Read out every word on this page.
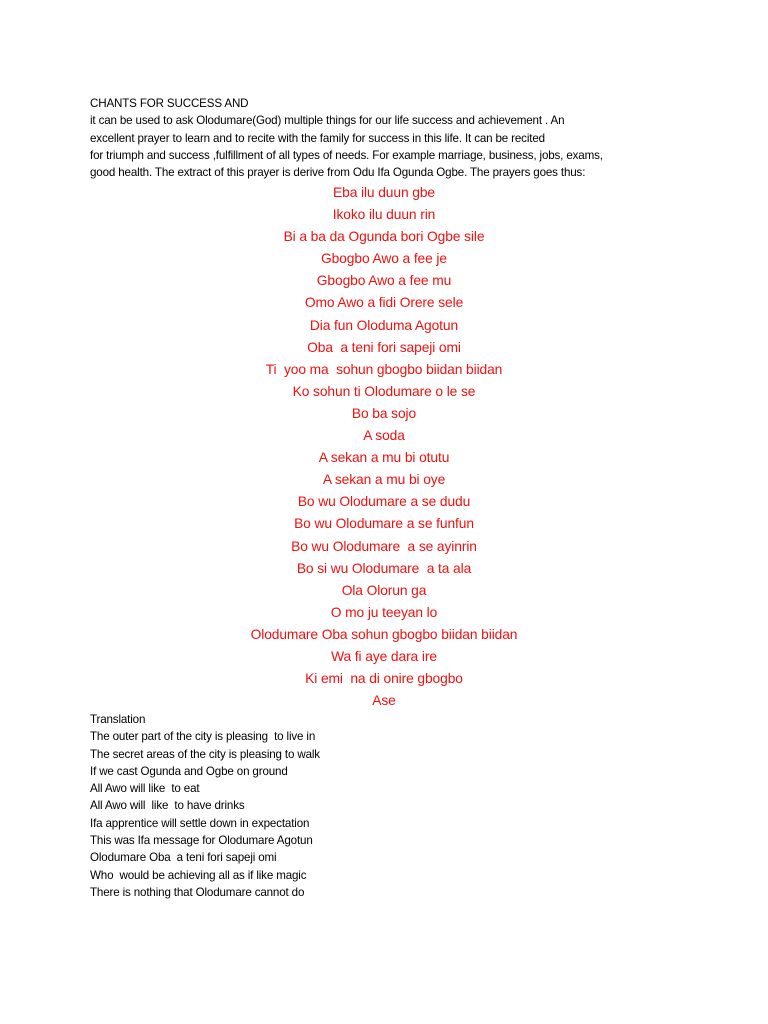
CHANTS FOR SUCCESS AND
it can be used to ask Olodumare(God) multiple things for our life success and achievement . An
excellent prayer to learn and to recite with the family for success in this life. It can be recited
for triumph and success ,fulfillment of all types of needs. For example marriage, business, jobs, exams,
good health. The extract of this prayer is derive from Odu Ifa Ogunda Ogbe. The prayers goes thus:
Eba ilu duun gbe
Ikoko ilu duun rin
Bi a ba da Ogunda bori Ogbe sile
Gbogbo Awo a fee je
Gbogbo Awo a fee mu
Omo Awo a fidi Orere sele
Dia fun Oloduma Agotun
Oba  a teni fori sapeji omi
Ti  yoo ma  sohun gbogbo biidan biidan
Ko sohun ti Olodumare o le se
Bo ba sojo
A soda
A sekan a mu bi otutu
A sekan a mu bi oye
Bo wu Olodumare a se dudu
Bo wu Olodumare a se funfun
Bo wu Olodumare  a se ayinrin
Bo si wu Olodumare  a ta ala
Ola Olorun ga
O mo ju teeyan lo
Olodumare Oba sohun gbogbo biidan biidan
Wa fi aye dara ire
Ki emi  na di onire gbogbo
Ase
Translation
The outer part of the city is pleasing  to live in
The secret areas of the city is pleasing to walk
If we cast Ogunda and Ogbe on ground
All Awo will like  to eat
All Awo will  like  to have drinks
Ifa apprentice will settle down in expectation
This was Ifa message for Olodumare Agotun
Olodumare Oba  a teni fori sapeji omi
Who  would be achieving all as if like magic
There is nothing that Olodumare cannot do
